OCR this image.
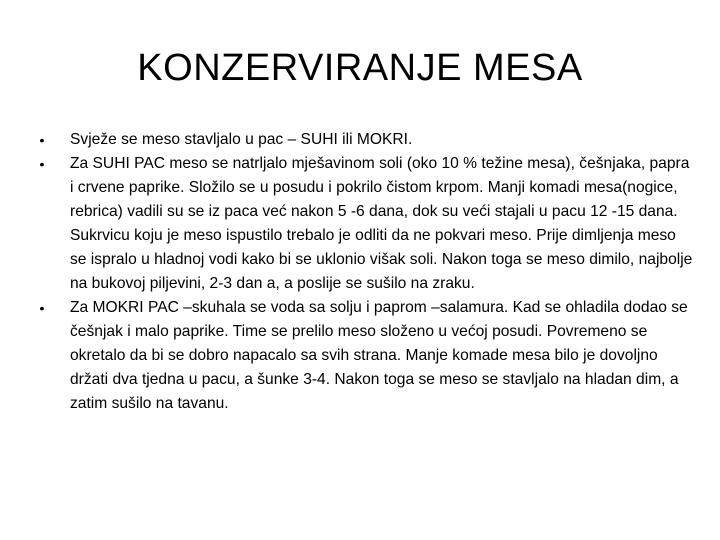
KONZERVIRANJE MESA
• Svježe se meso stavljalo u pac – SUHI ili MOKRI.
• Za SUHI PAC meso se natrljalo mješavinom soli (oko 10 % težine mesa), češnjaka, papra i crvene paprike. Složilo se u posudu i pokrilo čistom krpom. Manji komadi mesa(nogice, rebrica) vadili su se iz paca već nakon 5 -6 dana, dok su veći stajali u pacu 12 -15 dana. Sukrvicu koju je meso ispustilo trebalo je odliti da ne pokvari meso. Prije dimljenja meso se ispralo u hladnoj vodi kako bi se uklonio višak soli. Nakon toga se meso dimilo, najbolje na bukovoj piljevini, 2-3 dan a, a poslije se sušilo na zraku.
• Za MOKRI PAC –skuhala se voda sa solju i paprom –salamura. Kad se ohladila dodao se češnjak i malo paprike. Time se prelilo meso složeno u većoj posudi. Povremeno se okretalo da bi se dobro napacalo sa svih strana. Manje komade mesa bilo je dovoljno držati dva tjedna u pacu, a šunke 3-4. Nakon toga se meso se stavljalo na hladan dim, a zatim sušilo na tavanu.
